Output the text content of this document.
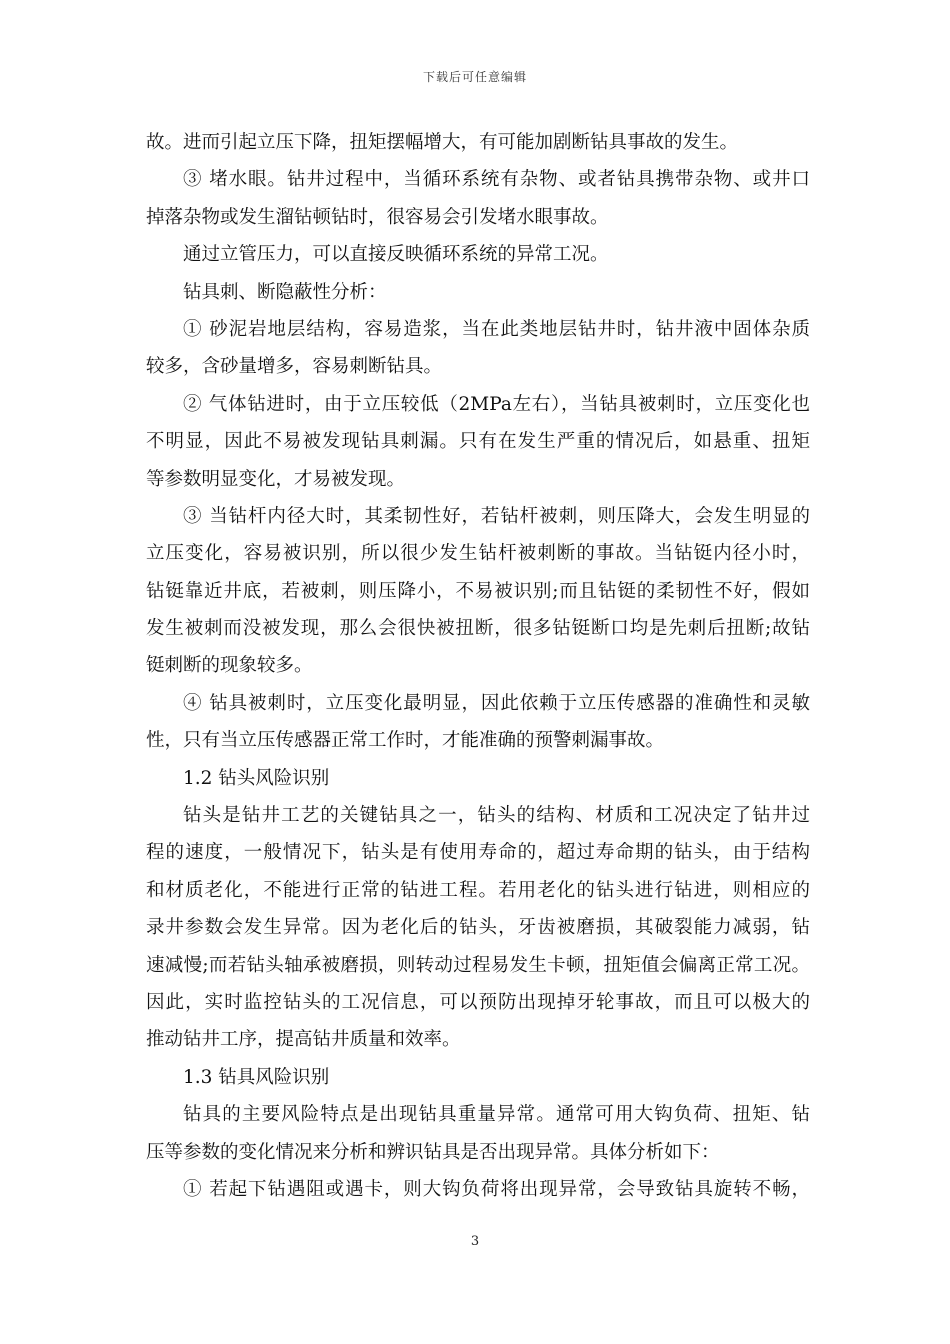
下载后可任意编辑
故。进而引起立压下降，扭矩摆幅增大，有可能加剧断钻具事故的发生。
③ 堵水眼。钻井过程中，当循环系统有杂物、或者钻具携带杂物、或井口
掉落杂物或发生溜钻顿钻时，很容易会引发堵水眼事故。
通过立管压力，可以直接反映循环系统的异常工况。
钻具刺、断隐蔽性分析：
① 砂泥岩地层结构，容易造浆，当在此类地层钻井时，钻井液中固体杂质
较多，含砂量增多，容易刺断钻具。
② 气体钻进时，由于立压较低（2MPa左右），当钻具被刺时，立压变化也
不明显，因此不易被发现钻具刺漏。只有在发生严重的情况后，如悬重、扭矩
等参数明显变化，才易被发现。
③ 当钻杆内径大时，其柔韧性好，若钻杆被刺，则压降大，会发生明显的
立压变化，容易被识别，所以很少发生钻杆被刺断的事故。当钻铤内径小时，
钻铤靠近井底，若被刺，则压降小，不易被识别;而且钻铤的柔韧性不好，假如
发生被刺而没被发现，那么会很快被扭断，很多钻铤断口均是先刺后扭断;故钻
铤刺断的现象较多。
④ 钻具被刺时，立压变化最明显，因此依赖于立压传感器的准确性和灵敏
性，只有当立压传感器正常工作时，才能准确的预警刺漏事故。
1.2 钻头风险识别
钻头是钻井工艺的关键钻具之一，钻头的结构、材质和工况决定了钻井过
程的速度，一般情况下，钻头是有使用寿命的，超过寿命期的钻头，由于结构
和材质老化，不能进行正常的钻进工程。若用老化的钻头进行钻进，则相应的
录井参数会发生异常。因为老化后的钻头，牙齿被磨损，其破裂能力减弱，钻
速减慢;而若钻头轴承被磨损，则转动过程易发生卡顿，扭矩值会偏离正常工况。
因此，实时监控钻头的工况信息，可以预防出现掉牙轮事故，而且可以极大的
推动钻井工序，提高钻井质量和效率。
1.3 钻具风险识别
钻具的主要风险特点是出现钻具重量异常。通常可用大钩负荷、扭矩、钻
压等参数的变化情况来分析和辨识钻具是否出现异常。具体分析如下：
① 若起下钻遇阻或遇卡，则大钩负荷将出现异常，会导致钻具旋转不畅，
3
